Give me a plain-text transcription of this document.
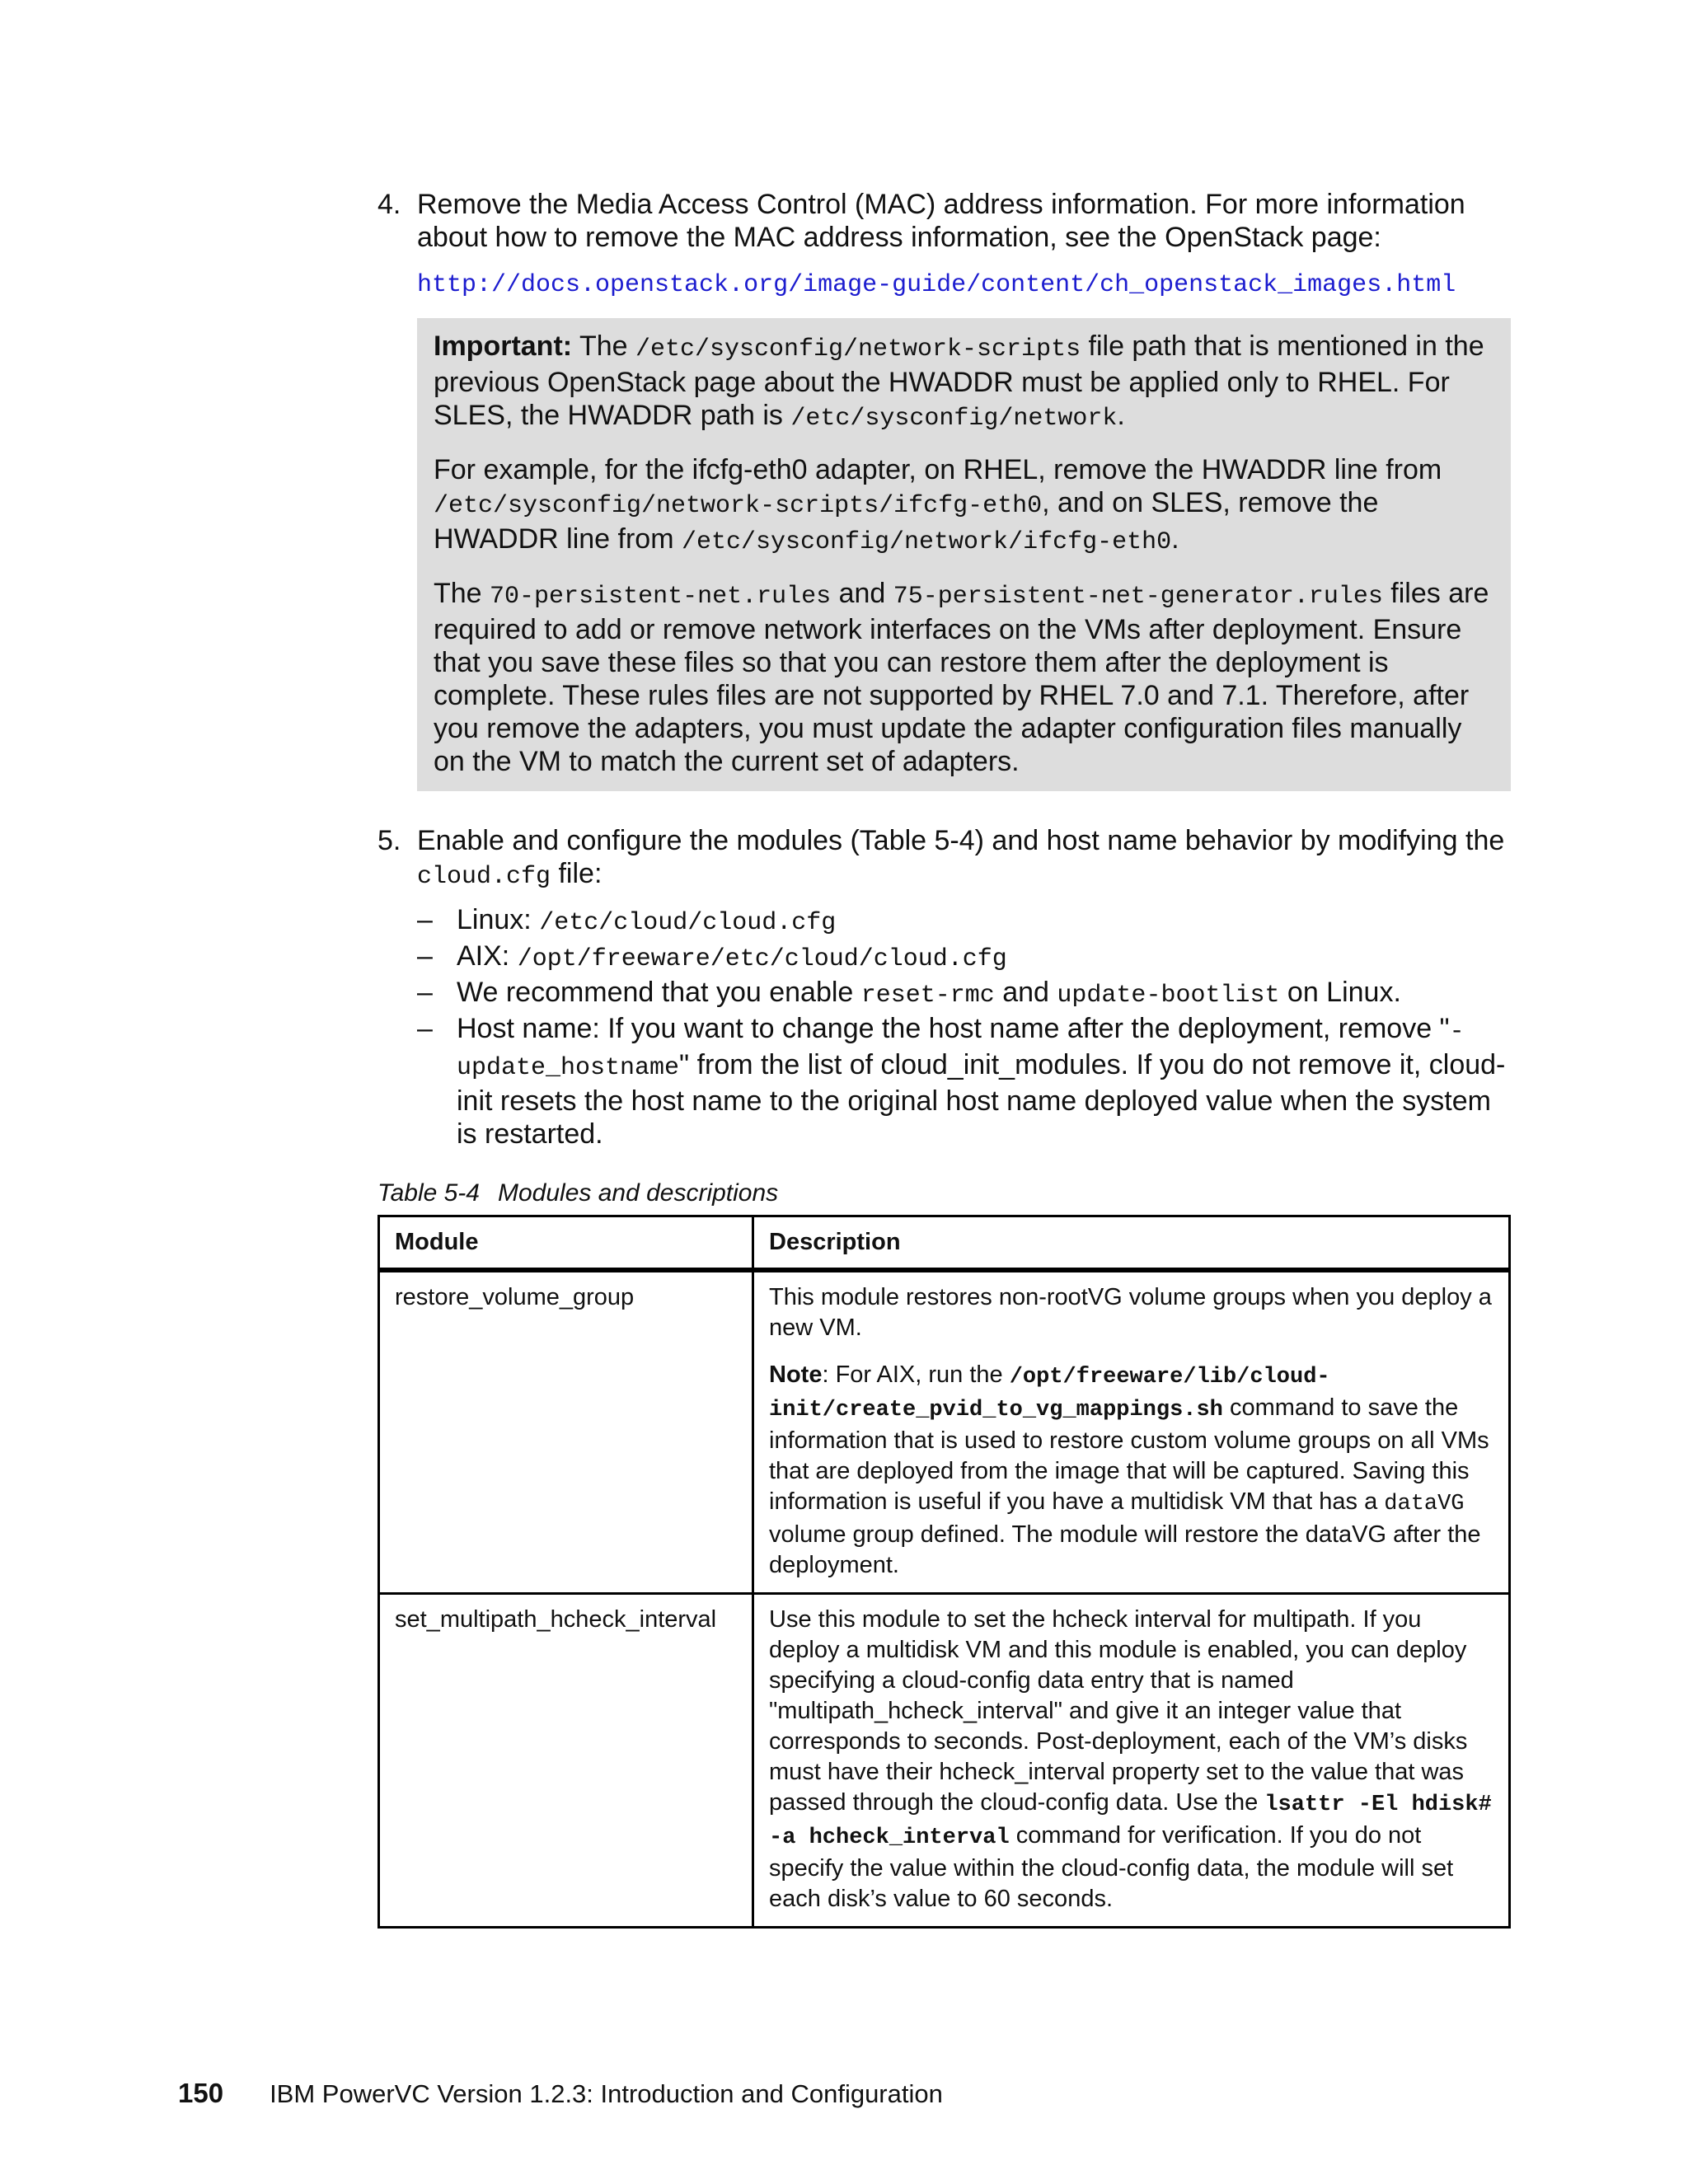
4. Remove the Media Access Control (MAC) address information. For more information about how to remove the MAC address information, see the OpenStack page:
http://docs.openstack.org/image-guide/content/ch_openstack_images.html

Important: The /etc/sysconfig/network-scripts file path that is mentioned in the previous OpenStack page about the HWADDR must be applied only to RHEL. For SLES, the HWADDR path is /etc/sysconfig/network.

For example, for the ifcfg-eth0 adapter, on RHEL, remove the HWADDR line from /etc/sysconfig/network-scripts/ifcfg-eth0, and on SLES, remove the HWADDR line from /etc/sysconfig/network/ifcfg-eth0.

The 70-persistent-net.rules and 75-persistent-net-generator.rules files are required to add or remove network interfaces on the VMs after deployment. Ensure that you save these files so that you can restore them after the deployment is complete. These rules files are not supported by RHEL 7.0 and 7.1. Therefore, after you remove the adapters, you must update the adapter configuration files manually on the VM to match the current set of adapters.

5. Enable and configure the modules (Table 5-4) and host name behavior by modifying the cloud.cfg file:
– Linux: /etc/cloud/cloud.cfg
– AIX: /opt/freeware/etc/cloud/cloud.cfg
– We recommend that you enable reset-rmc and update-bootlist on Linux.
– Host name: If you want to change the host name after the deployment, remove "-update_hostname" from the list of cloud_init_modules. If you do not remove it, cloud-init resets the host name to the original host name deployed value when the system is restarted.
Table 5-4 Modules and descriptions
Module	Description
restore_volume_group	This module restores non-rootVG volume groups when you deploy a new VM.

Note: For AIX, run the /opt/freeware/lib/cloud-init/create_pvid_to_vg_mappings.sh command to save the information that is used to restore custom volume groups on all VMs that are deployed from the image that will be captured. Saving this information is useful if you have a multidisk VM that has a dataVG volume group defined. The module will restore the dataVG after the deployment.

set_multipath_hcheck_interval	Use this module to set the hcheck interval for multipath. If you deploy a multidisk VM and this module is enabled, you can deploy specifying a cloud-config data entry that is named "multipath_hcheck_interval" and give it an integer value that corresponds to seconds. Post-deployment, each of the VM’s disks must have their hcheck_interval property set to the value that was passed through the cloud-config data. Use the lsattr -El hdisk# -a hcheck_interval command for verification. If you do not specify the value within the cloud-config data, the module will set each disk’s value to 60 seconds.

150 IBM PowerVC Version 1.2.3: Introduction and Configuration
